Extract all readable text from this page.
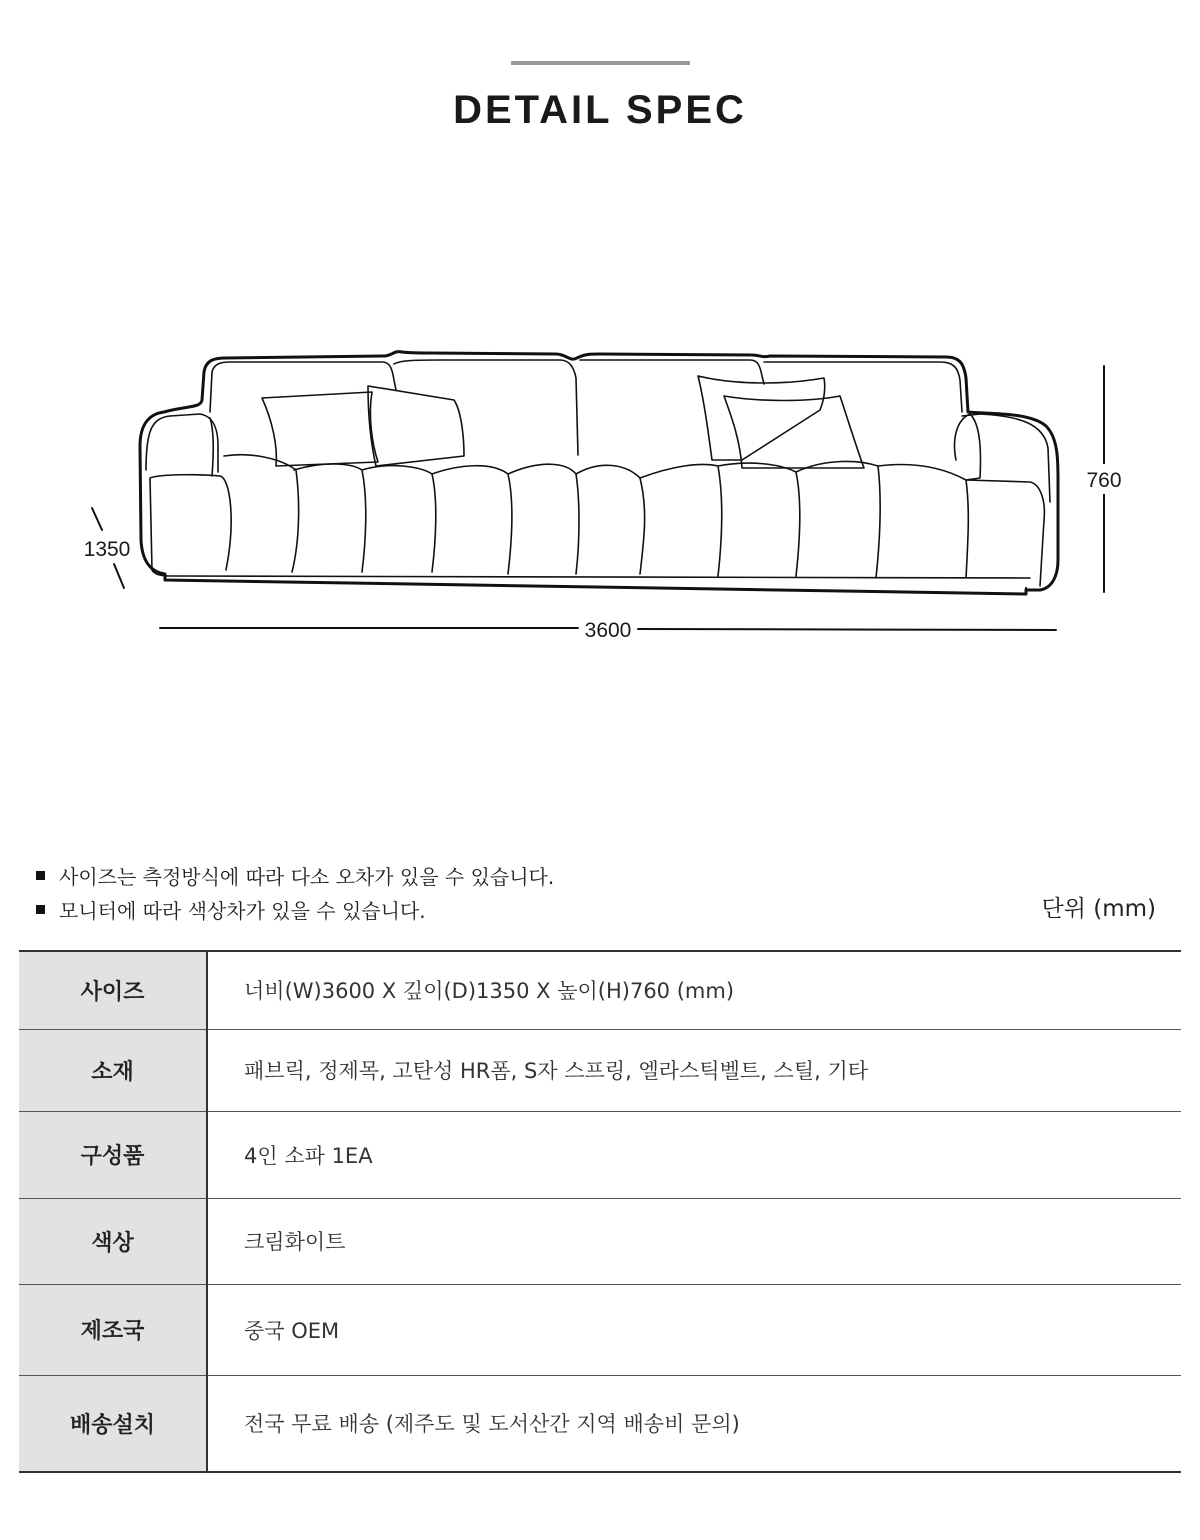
DETAIL SPEC
760
1350
3600
사이즈는 측정방식에 따라 다소 오차가 있을 수 있습니다.
모니터에 따라 색상차가 있을 수 있습니다.	단위 (mm)
사이즈	너비(W)3600 X 깊이(D)1350 X 높이(H)760 (mm)
소재	패브릭, 정제목, 고탄성 HR폼, S자 스프링, 엘라스틱벨트, 스틸, 기타
구성품	4인 소파 1EA
색상	크림화이트
제조국	중국 OEM
배송설치	전국 무료 배송 (제주도 및 도서산간 지역 배송비 문의)
